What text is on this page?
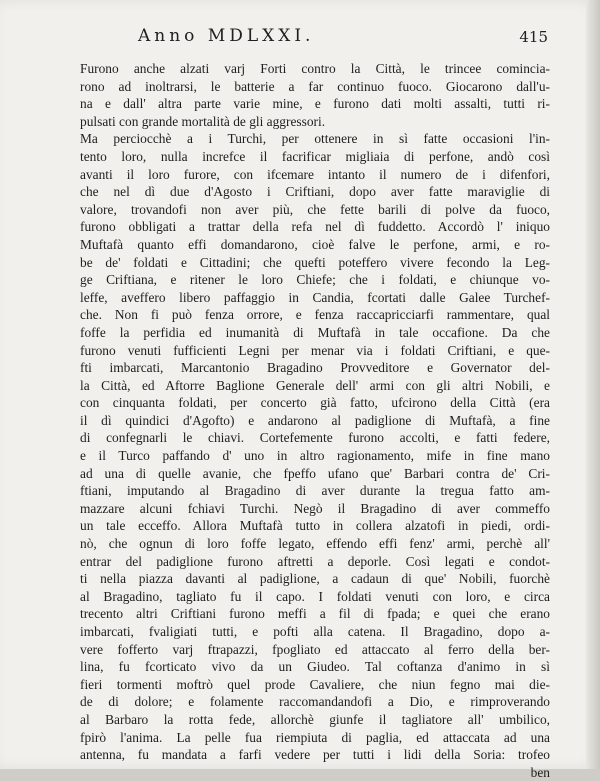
Anno MDLXXI.	415
Furono anche alzati varj Forti contro la Città, le trincee comincia-
rono ad inoltrarsi, le batterie a far continuo fuoco. Giocarono dall'u-
na e dall' altra parte varie mine, e furono dati molti assalti, tutti ri-
pulsati con grande mortalità de gli aggressori.
Ma perciocchè a i Turchi, per ottenere in sì fatte occasioni l'in-
tento loro, nulla increfce il facrificar migliaia di perfone, andò così
avanti il loro furore, con ifcemare intanto il numero de i difenfori,
che nel dì due d'Agosto i Criftiani, dopo aver fatte maraviglie di
valore, trovandofi non aver più, che fette barili di polve da fuoco,
furono obbligati a trattar della refa nel dì fuddetto. Accordò l' iniquo
Muftafà quanto effi domandarono, cioè falve le perfone, armi, e ro-
be de' foldati e Cittadini; che quefti poteffero vivere fecondo la Leg-
ge Criftiana, e ritener le loro Chiefe; che i foldati, e chiunque vo-
leffe, aveffero libero paffaggio in Candia, fcortati dalle Galee Turchef-
che. Non fi può fenza orrore, e fenza raccapricciarfi rammentare, qual
foffe la perfidia ed inumanità di Muftafà in tale occafione. Da che
furono venuti fufficienti Legni per menar via i foldati Criftiani, e que-
fti imbarcati, Marcantonio Bragadino Provveditore e Governator del-
la Città, ed Aftorre Baglione Generale dell' armi con gli altri Nobili, e
con cinquanta foldati, per concerto già fatto, ufcirono della Città (era
il dì quindici d'Agofto) e andarono al padiglione di Muftafà, a fine
di confegnarli le chiavi. Cortefemente furono accolti, e fatti federe,
e il Turco paffando d' uno in altro ragionamento, mife in fine mano
ad una di quelle avanie, che fpeffo ufano que' Barbari contra de' Cri-
ftiani, imputando al Bragadino di aver durante la tregua fatto am-
mazzare alcuni fchiavi Turchi. Negò il Bragadino di aver commeffo
un tale ecceffo. Allora Muftafà tutto in collera alzatofi in piedi, ordi-
nò, che ognun di loro foffe legato, effendo effi fenz' armi, perchè all'
entrar del padiglione furono aftretti a deporle. Così legati e condot-
ti nella piazza davanti al padiglione, a cadaun di que' Nobili, fuorchè
al Bragadino, tagliato fu il capo. I foldati venuti con loro, e circa
trecento altri Criftiani furono meffi a fil di fpada; e quei che erano
imbarcati, fvaligiati tutti, e pofti alla catena. Il Bragadino, dopo a-
vere fofferto varj ftrapazzi, fpogliato ed attaccato al ferro della ber-
lina, fu fcorticato vivo da un Giudeo. Tal coftanza d'animo in sì
fieri tormenti moftrò quel prode Cavaliere, che niun fegno mai die-
de di dolore; e folamente raccomandandofi a Dio, e rimproverando
al Barbaro la rotta fede, allorchè giunfe il tagliatore all' umbilico,
fpirò l'anima. La pelle fua riempiuta di paglia, ed attaccata ad una
antenna, fu mandata a farfi vedere per tutti i lidi della Soria: trofeo
ben
